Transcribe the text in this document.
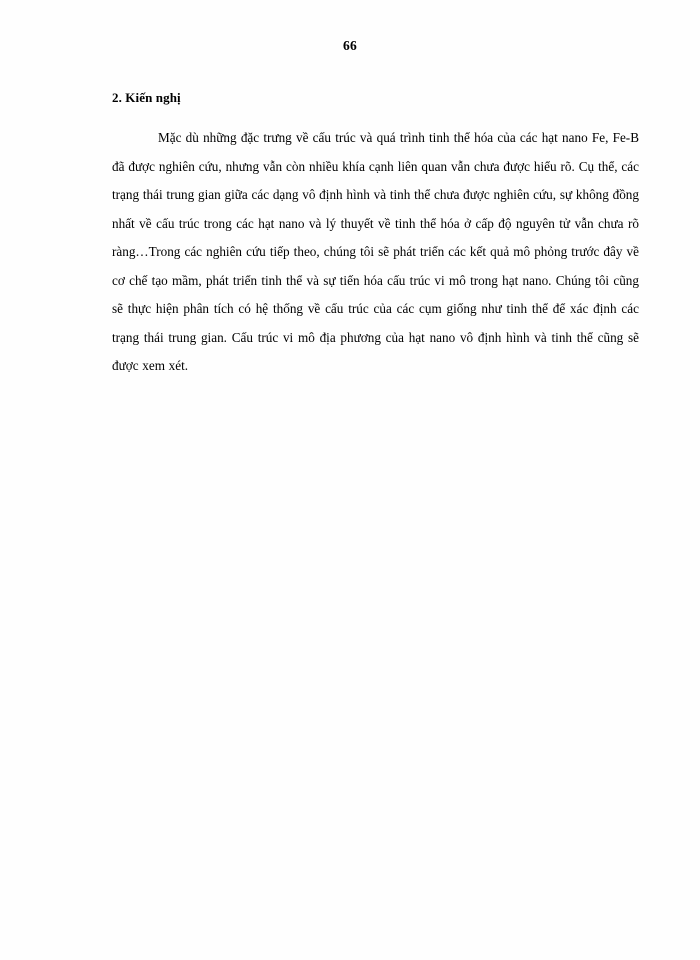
66
2. Kiến nghị

Mặc dù những đặc trưng về cấu trúc và quá trình tinh thể hóa của các hạt nano Fe, Fe-B đã được nghiên cứu, nhưng vẫn còn nhiều khía cạnh liên quan vẫn chưa được hiểu rõ. Cụ thể, các trạng thái trung gian giữa các dạng vô định hình và tinh thể chưa được nghiên cứu, sự không đồng nhất về cấu trúc trong các hạt nano và lý thuyết về tinh thể hóa ở cấp độ nguyên tử vẫn chưa rõ ràng…Trong các nghiên cứu tiếp theo, chúng tôi sẽ phát triển các kết quả mô phỏng trước đây về cơ chế tạo mầm, phát triển tinh thể và sự tiến hóa cấu trúc vi mô trong hạt nano. Chúng tôi cũng sẽ thực hiện phân tích có hệ thống về cấu trúc của các cụm giống như tinh thể để xác định các trạng thái trung gian. Cấu trúc vi mô địa phương của hạt nano vô định hình và tinh thể cũng sẽ được xem xét.
